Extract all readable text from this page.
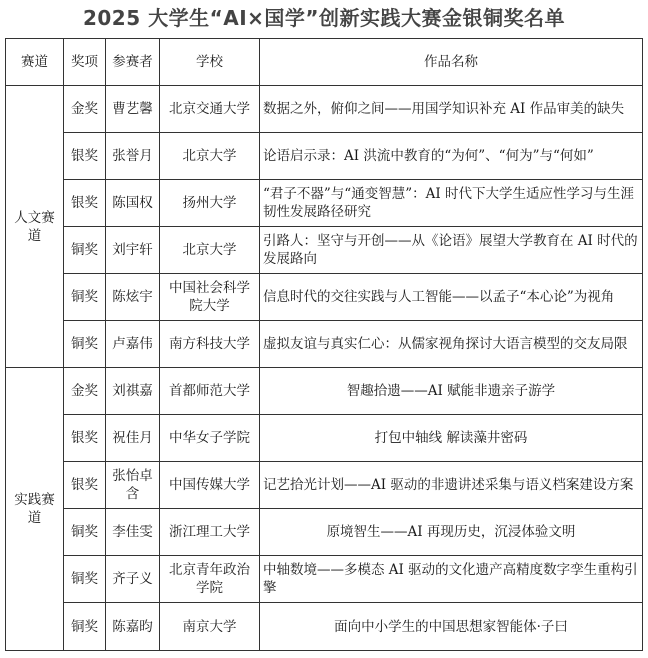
2025 大学生“AI×国学”创新实践大赛金银铜奖名单
赛道	奖项	参赛者	学校	作品名称
人文赛道	金奖	曹艺馨	北京交通大学	数据之外，俯仰之间——用国学知识补充 AI 作品审美的缺失
	银奖	张誉月	北京大学	论语启示录：AI 洪流中教育的“为何”、“何为”与“何如”
	银奖	陈国权	扬州大学	“君子不器”与“通变智慧”：AI 时代下大学生适应性学习与生涯韧性发展路径研究
	铜奖	刘宇轩	北京大学	引路人：坚守与开创——从《论语》展望大学教育在 AI 时代的发展路向
	铜奖	陈炫宇	中国社会科学院大学	信息时代的交往实践与人工智能——以孟子“本心论”为视角
	铜奖	卢嘉伟	南方科技大学	虚拟友谊与真实仁心：从儒家视角探讨大语言模型的交友局限
实践赛道	金奖	刘祺嘉	首都师范大学	智趣拾遗——AI 赋能非遗亲子游学
	银奖	祝佳月	中华女子学院	打包中轴线 解读藻井密码
	银奖	张怡卓含	中国传媒大学	记艺拾光计划——AI 驱动的非遗讲述采集与语义档案建设方案
	铜奖	李佳雯	浙江理工大学	原境智生——AI 再现历史，沉浸体验文明
	铜奖	齐子义	北京青年政治学院	中轴数境——多模态 AI 驱动的文化遗产高精度数字孪生重构引擎
	铜奖	陈嘉昀	南京大学	面向中小学生的中国思想家智能体·子曰
